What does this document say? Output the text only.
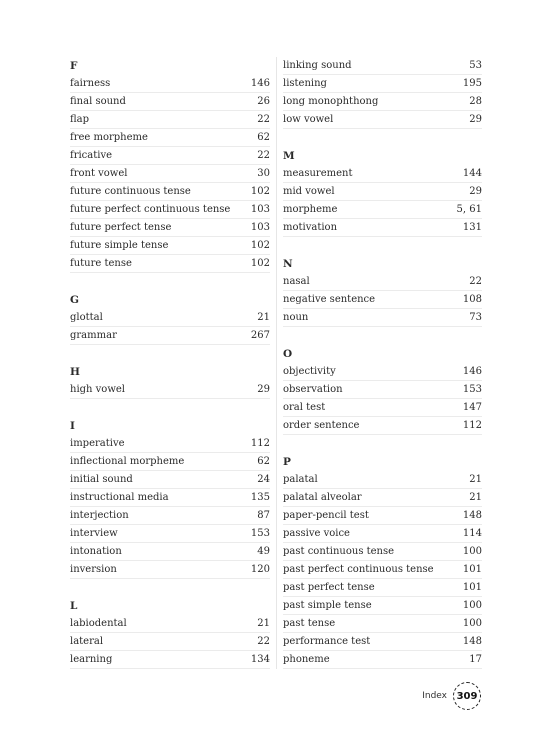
F
fairness	146
final sound	26
flap	22
free morpheme	62
fricative	22
front vowel	30
future continuous tense	102
future perfect continuous tense	103
future perfect tense	103
future simple tense	102
future tense	102
G
glottal	21
grammar	267
H
high vowel	29
I
imperative	112
inflectional morpheme	62
initial sound	24
instructional media	135
interjection	87
interview	153
intonation	49
inversion	120
L
labiodental	21
lateral	22
learning	134
linking sound	53
listening	195
long monophthong	28
low vowel	29
M
measurement	144
mid vowel	29
morpheme	5, 61
motivation	131
N
nasal	22
negative sentence	108
noun	73
O
objectivity	146
observation	153
oral test	147
order sentence	112
P
palatal	21
palatal alveolar	21
paper-pencil test	148
passive voice	114
past continuous tense	100
past perfect continuous tense	101
past perfect tense	101
past simple tense	100
past tense	100
performance test	148
phoneme	17
Index 309
